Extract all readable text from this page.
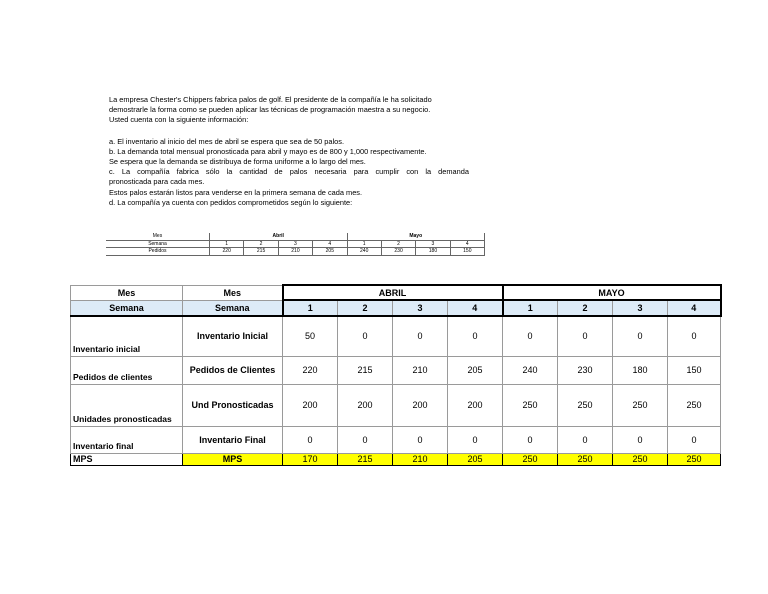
La empresa Chester's Chippers fabrica palos de golf. El presidente de la compañía le ha solicitado

demostrarle la forma como se pueden aplicar las técnicas de programación maestra a su negocio.

Usted cuenta con la siguiente información:

a. El inventario al inicio del mes de abril se espera que sea de 50 palos.

b. La demanda total mensual pronosticada para abril y mayo es de 800 y 1,000 respectivamente.

Se espera que la demanda se distribuya de forma uniforme a lo largo del mes.

c. La compañía fabrica sólo la cantidad de palos necesaria para cumplir con la demanda

pronosticada para cada mes.

Estos palos estarán listos para venderse en la primera semana de cada mes.

d. La compañía ya cuenta con pedidos comprometidos según lo siguiente:

Mes	Abril				Mayo			
Semana	1	2	3	4	1	2	3	4
Pedidos	220	215	210	205	240	230	180	150
Mes	Mes	ABRIL				MAYO			
Semana	Semana	1	2	3	4	1	2	3	4
Inventario inicial	Inventario Inicial	50	0	0	0	0	0	0	0
Pedidos de clientes	Pedidos de Clientes	220	215	210	205	240	230	180	150
Unidades pronosticadas	Und Pronosticadas	200	200	200	200	250	250	250	250
Inventario final	Inventario Final	0	0	0	0	0	0	0	0
MPS	MPS	170	215	210	205	250	250	250	250
